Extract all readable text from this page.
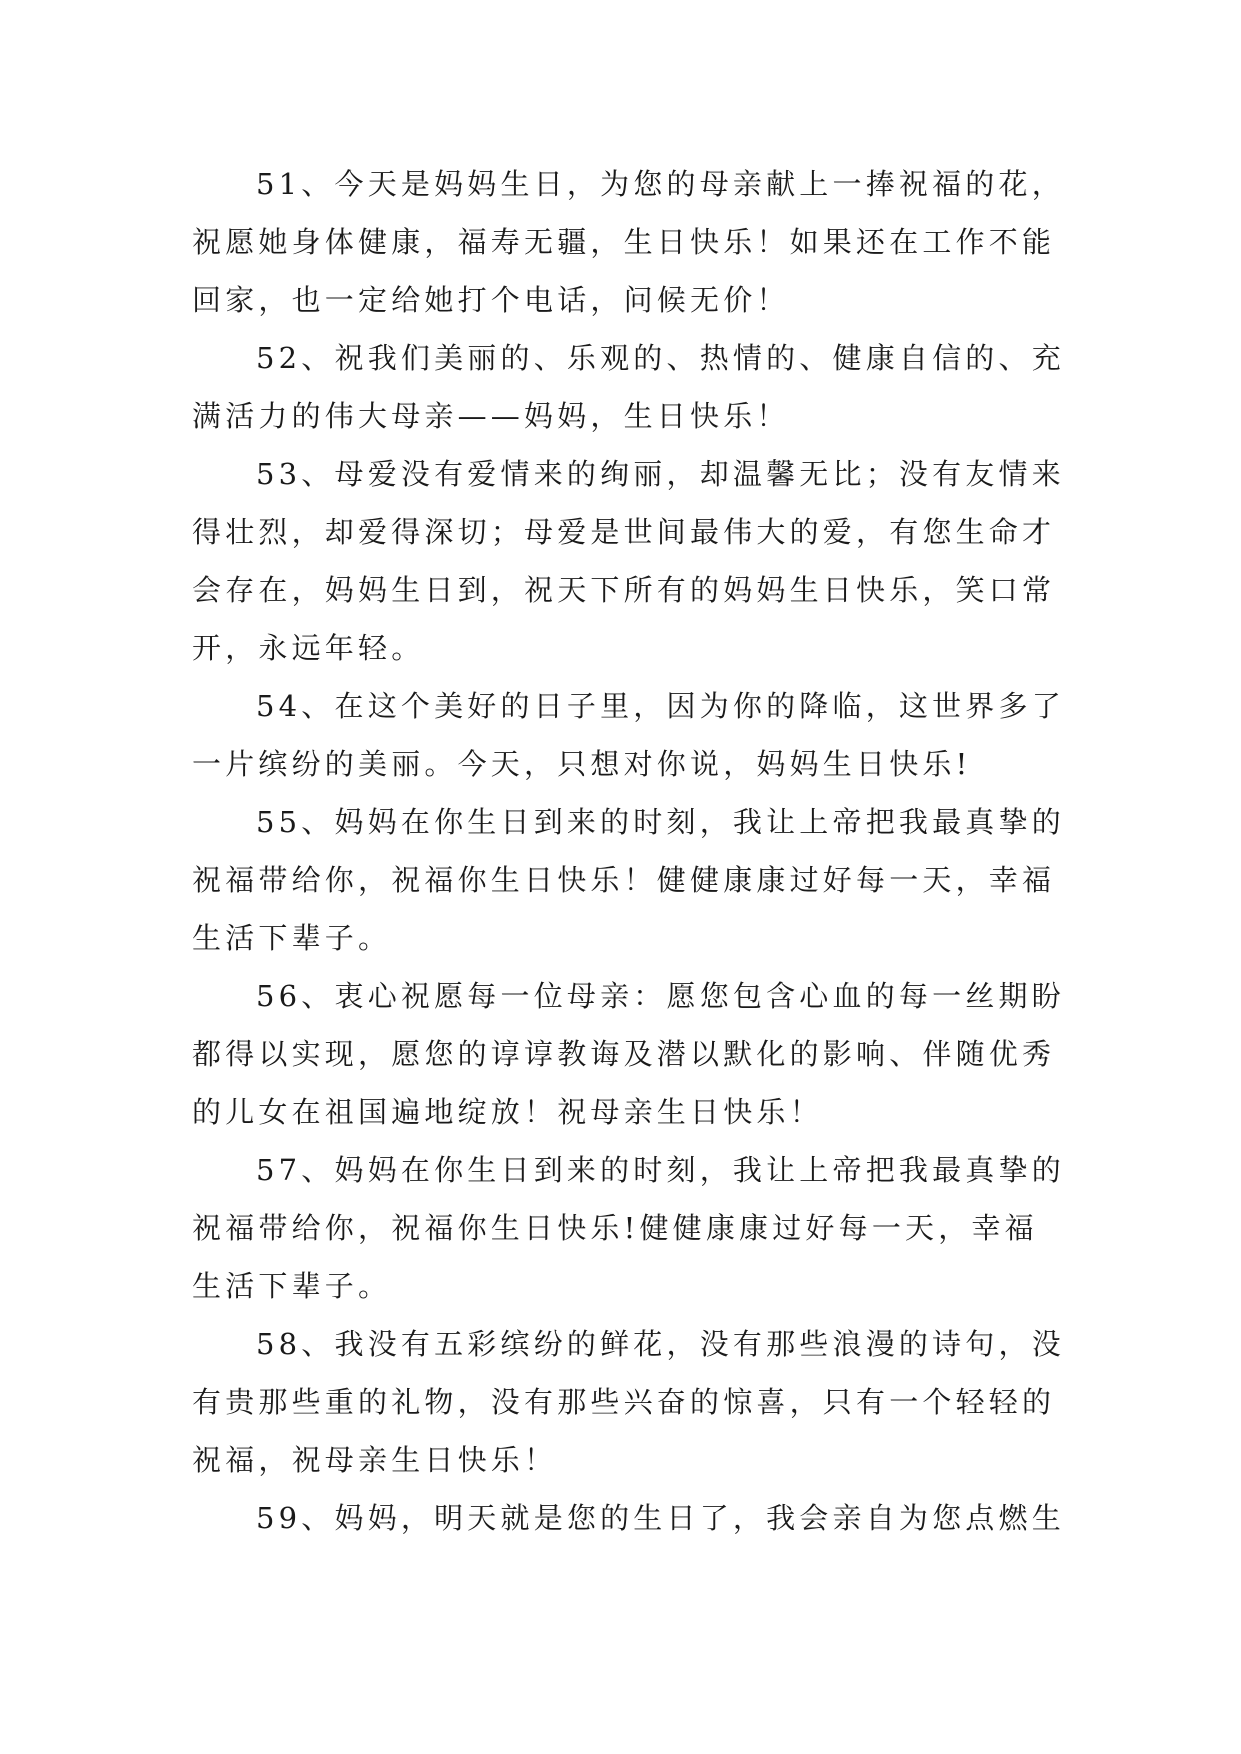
51、今天是妈妈生日，为您的母亲献上一捧祝福的花，
祝愿她身体健康，福寿无疆，生日快乐！如果还在工作不能
回家，也一定给她打个电话，问候无价！

52、祝我们美丽的、乐观的、热情的、健康自信的、充
满活力的伟大母亲——妈妈，生日快乐！

53、母爱没有爱情来的绚丽，却温馨无比；没有友情来
得壮烈，却爱得深切；母爱是世间最伟大的爱，有您生命才
会存在，妈妈生日到，祝天下所有的妈妈生日快乐，笑口常
开，永远年轻。

54、在这个美好的日子里，因为你的降临，这世界多了
一片缤纷的美丽。今天，只想对你说，妈妈生日快乐!

55、妈妈在你生日到来的时刻，我让上帝把我最真挚的
祝福带给你，祝福你生日快乐！健健康康过好每一天，幸福
生活下辈子。

56、衷心祝愿每一位母亲：愿您包含心血的每一丝期盼
都得以实现，愿您的谆谆教诲及潜以默化的影响、伴随优秀
的儿女在祖国遍地绽放！祝母亲生日快乐！

57、妈妈在你生日到来的时刻，我让上帝把我最真挚的
祝福带给你，祝福你生日快乐!健健康康过好每一天，幸福
生活下辈子。

58、我没有五彩缤纷的鲜花，没有那些浪漫的诗句，没
有贵那些重的礼物，没有那些兴奋的惊喜，只有一个轻轻的
祝福，祝母亲生日快乐！

59、妈妈，明天就是您的生日了，我会亲自为您点燃生
